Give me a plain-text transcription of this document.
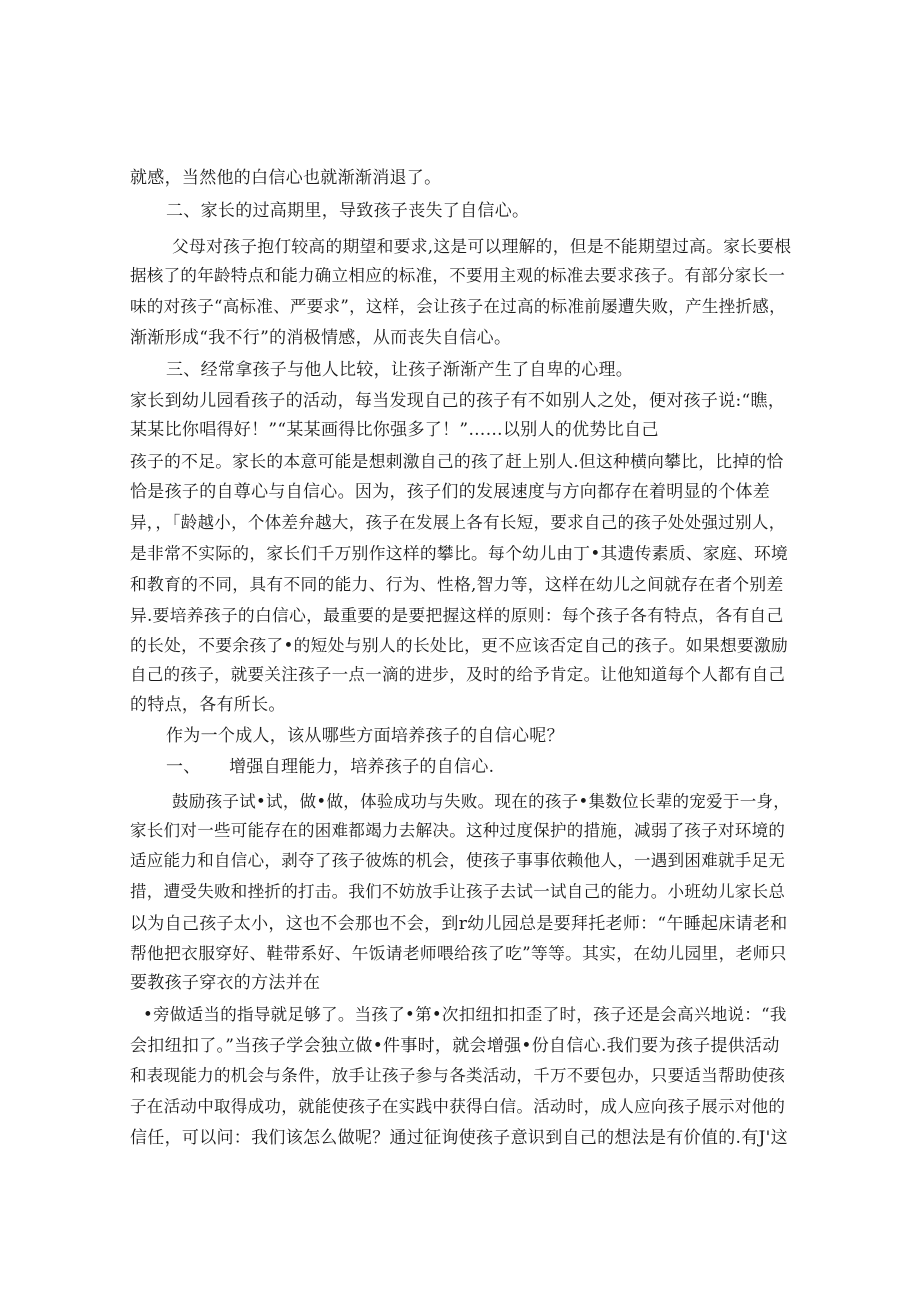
就感，当然他的白信心也就渐渐消退了。
二、家长的过高期里，导致孩子丧失了自信心。
父母对孩子抱仃较高的期望和要求,这是可以理解的，但是不能期望过高。家长要根
据核了的年龄特点和能力确立相应的标准，不要用主观的标准去要求孩子。有部分家长一
味的对孩子“高标准、严要求”，这样，会让孩子在过高的标准前屡遭失败，产生挫折感，
渐渐形成“我不行”的消极情感，从而丧失自信心。
三、经常拿孩子与他人比较，让孩子渐渐产生了自卑的心理。
家长到幼儿园看孩子的活动，每当发现自己的孩子有不如别人之处，便对孩子说:“瞧，
某某比你唱得好！”“某某画得比你强多了！”……以别人的优势比自己
孩子的不足。家长的本意可能是想刺激自己的孩了赶上别人.但这种横向攀比，比掉的恰
恰是孩子的自尊心与自信心。因为，孩子们的发展速度与方向都存在着明显的个体差
异，，「龄越小，个体差弁越大，孩子在发展上各有长短，要求自己的孩子处处强过别人，
是非常不实际的，家长们千万别作这样的攀比。每个幼儿由丁•其遗传素质、家庭、环境
和教育的不同，具有不同的能力、行为、性格,智力等，这样在幼儿之间就存在者个别差
异.要培养孩子的白信心，最重要的是要把握这样的原则：每个孩子各有特点，各有自己
的长处，不要余孩了•的短处与别人的长处比，更不应该否定自己的孩子。如果想要激励
自己的孩子，就要关注孩子一点一滴的进步，及时的给予肯定。让他知道每个人都有自己
的特点，各有所长。
作为一个成人，该从哪些方面培养孩子的自信心呢？
一、     增强自理能力，培养孩子的自信心.
鼓励孩子试•试，做•做，体验成功与失败。现在的孩子•集数位长辈的宠爱于一身，
家长们对一些可能存在的困难都竭力去解决。这种过度保护的措施，减弱了孩子对环境的
适应能力和自信心，剥夺了孩子彼炼的机会，使孩子事事依赖他人，一遇到困难就手足无
措，遭受失败和挫折的打击。我们不妨放手让孩子去试一试自己的能力。小班幼儿家长总
以为自己孩子太小，这也不会那也不会，到r幼儿园总是要拜托老师：“午睡起床请老和
帮他把衣服穿好、鞋带系好、午饭请老师喂给孩了吃”等等。其实，在幼儿园里，老师只
要教孩子穿衣的方法并在
•旁做适当的指导就足够了。当孩了•第•次扣纽扣扣歪了时，孩子还是会高兴地说：“我
会扣纽扣了。”当孩子学会独立做•件事时，就会增强•份自信心.我们要为孩子提供活动
和表现能力的机会与条件，放手让孩子参与各类活动，千万不要包办，只要适当帮助使孩
子在活动中取得成功，就能使孩子在实践中获得白信。活动时，成人应向孩子展示对他的
信任，可以问：我们该怎么做呢？通过征询使孩子意识到自己的想法是有价值的.有J'这
